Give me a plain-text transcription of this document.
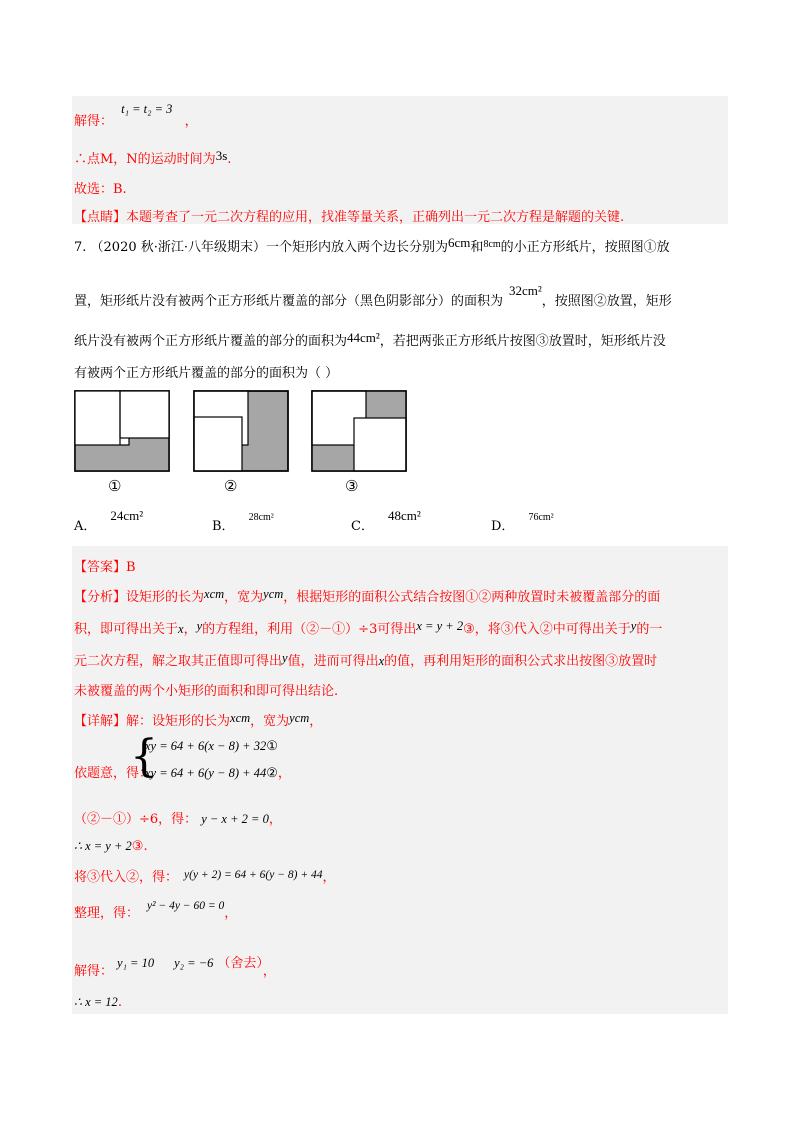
解得： t₁ = t₂ = 3 ，
∴点M，N的运动时间为3s.
故选：B.
【点睛】本题考查了一元二次方程的应用，找准等量关系，正确列出一元二次方程是解题的关键.
7. （2020 秋·浙江·八年级期末）一个矩形内放入两个边长分别为6cm和$^{8cm}$的小正方形纸片，按照图①放
置，矩形纸片没有被两个正方形纸片覆盖的部分（黑色阴影部分）的面积为32cm²，按照图②放置，矩形
纸片没有被两个正方形纸片覆盖的部分的面积为44cm²，若把两张正方形纸片按图③放置时，矩形纸片没
有被两个正方形纸片覆盖的部分的面积为（ ）
①	②	③
A．24cm²
B．$^{28cm^2}$
C．48cm²
D．$^{76cm^2}$
【答案】B
【分析】设矩形的长为xcm，宽为ycm，根据矩形的面积公式结合按图①②两种放置时未被覆盖部分的面
积，即可得出关于x，y的方程组，利用（②－①）÷3可得出x = y + 2③，将③代入②中可得出关于y的一
元二次方程，解之取其正值即可得出y值，进而可得出x的值，再利用矩形的面积公式求出按图③放置时
未被覆盖的两个小矩形的面积和即可得出结论.
【详解】解：设矩形的长为xcm，宽为ycm，
依题意，得：
{
xy = 64 + 6(x − 8) + 32①
xy = 64 + 6(y − 8) + 44②，
（②－①）÷6，得： y − x + 2 = 0，
∴ x = y + 2③.
将③代入②，得： y(y + 2) = 64 + 6(y − 8) + 44，
整理，得： y² − 4y − 60 = 0，
解得：y₁ = 10 y₂ = −6 （舍去），
∴ x = 12.
